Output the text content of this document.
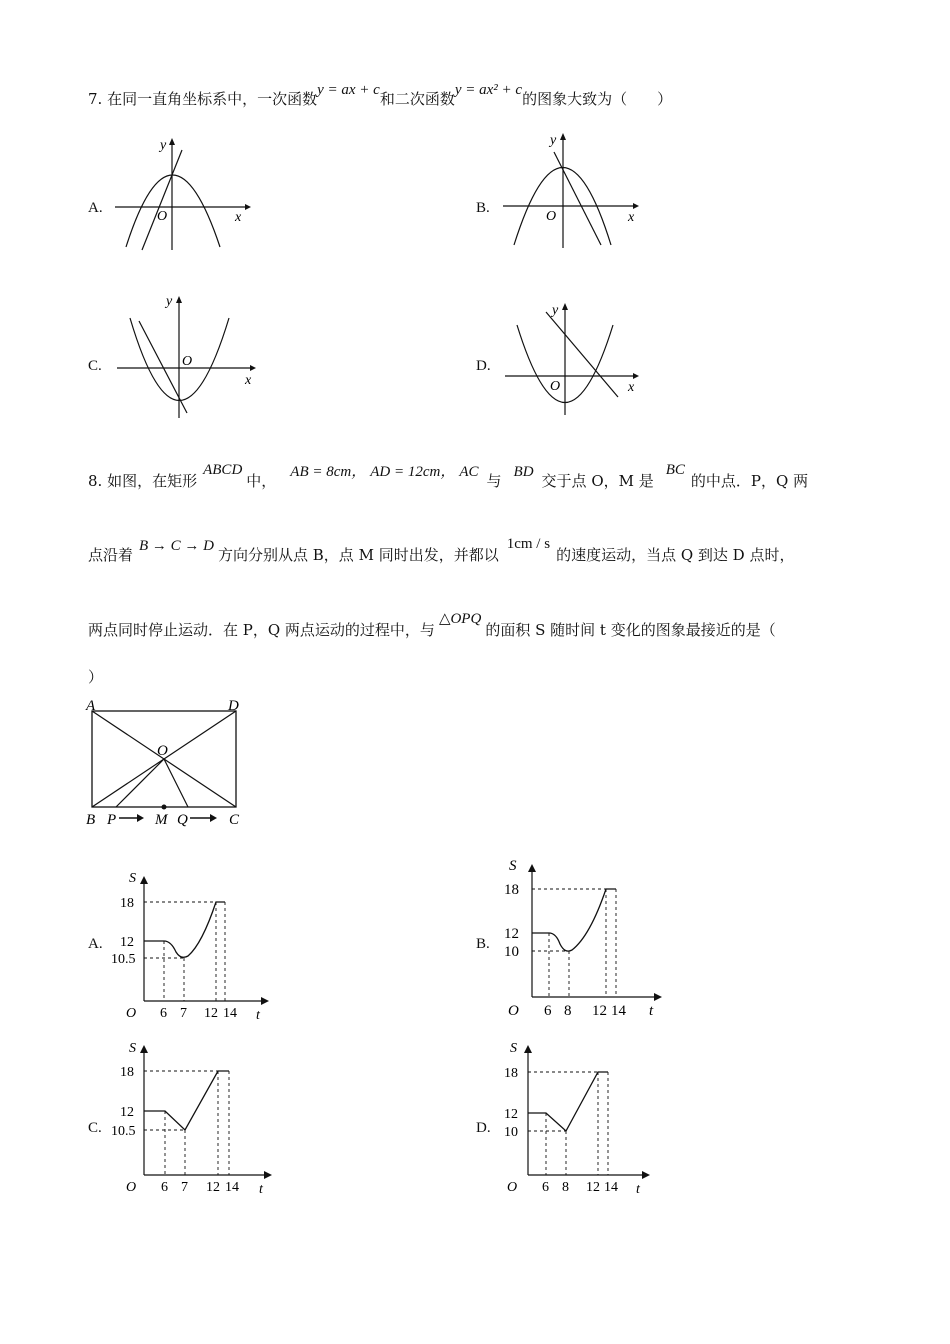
7. 在同一直角坐标系中，一次函数y = ax + c和二次函数y = ax² + c的图象大致为（　　）
A.	B.
C.	D.
y
x
O
y
x
O
y
x
O
y
x
O
8. 如图，在矩形ABCD中， AB = 8cm， AD = 12cm， AC 与 BD 交于点 O，M 是BC的中点．P，Q 两
点沿着 B → C → D 方向分别从点 B，点 M 同时出发，并都以1cm / s的速度运动，当点 Q 到达 D 点时，
两点同时停止运动．在 P，Q 两点运动的过程中，与△OPQ的面积 S 随时间 t 变化的图象最接近的是（
）
A	D
O
B P	M Q	C
A.	B.
C.	D.
S
18
12
10.5
O 6 7 12 14 t
S
18
12
10
O 6 8 12 14 t
S
18
12
10.5
O 6 7 12 14 t
S
18
12
10
O 6 8 12 14 t
